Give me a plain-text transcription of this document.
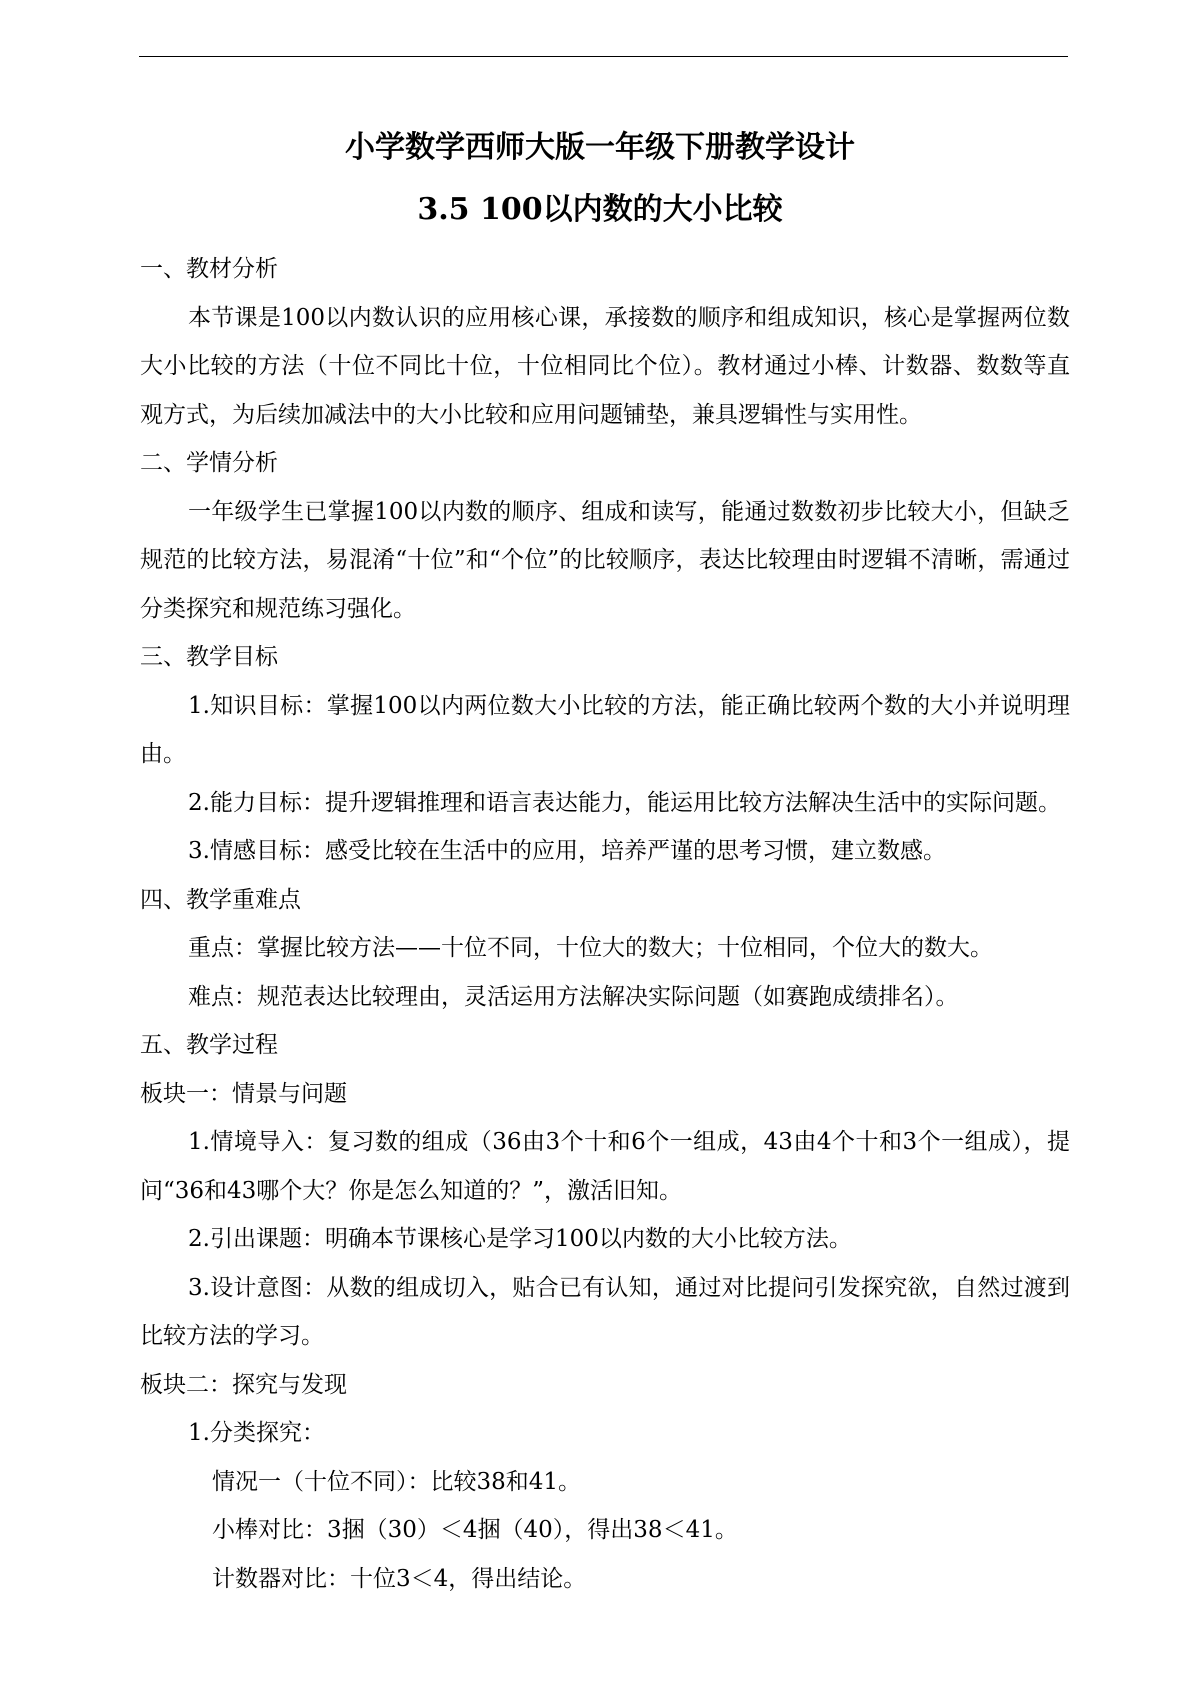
小学数学西师大版一年级下册教学设计
3.5 100以内数的大小比较

一、教材分析

本节课是100以内数认识的应用核心课，承接数的顺序和组成知识，核心是掌握两位数大小比较的方法（十位不同比十位，十位相同比个位）。教材通过小棒、计数器、数数等直观方式，为后续加减法中的大小比较和应用问题铺垫，兼具逻辑性与实用性。

二、学情分析

一年级学生已掌握100以内数的顺序、组成和读写，能通过数数初步比较大小，但缺乏规范的比较方法，易混淆“十位”和“个位”的比较顺序，表达比较理由时逻辑不清晰，需通过分类探究和规范练习强化。

三、教学目标

1.知识目标：掌握100以内两位数大小比较的方法，能正确比较两个数的大小并说明理由。

2.能力目标：提升逻辑推理和语言表达能力，能运用比较方法解决生活中的实际问题。

3.情感目标：感受比较在生活中的应用，培养严谨的思考习惯，建立数感。

四、教学重难点

重点：掌握比较方法——十位不同，十位大的数大；十位相同，个位大的数大。

难点：规范表达比较理由，灵活运用方法解决实际问题（如赛跑成绩排名）。

五、教学过程

板块一：情景与问题

1.情境导入：复习数的组成（36由3个十和6个一组成，43由4个十和3个一组成），提问“36和43哪个大？你是怎么知道的？”，激活旧知。

2.引出课题：明确本节课核心是学习100以内数的大小比较方法。

3.设计意图：从数的组成切入，贴合已有认知，通过对比提问引发探究欲，自然过渡到比较方法的学习。

板块二：探究与发现

1.分类探究：

情况一（十位不同）：比较38和41。

小棒对比：3捆（30）＜4捆（40），得出38＜41。

计数器对比：十位3＜4，得出结论。
